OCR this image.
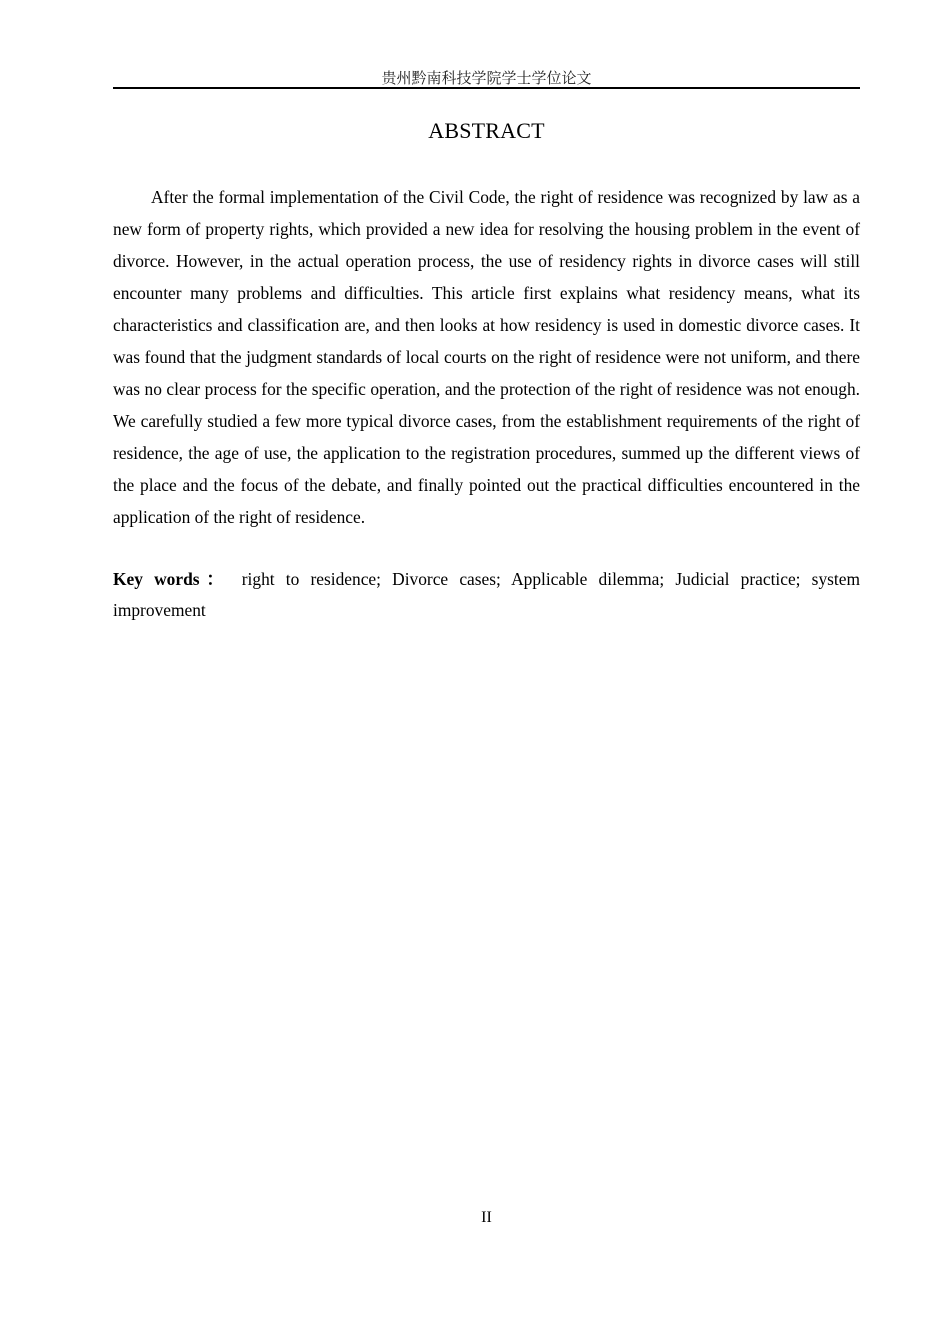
贵州黔南科技学院学士学位论文
ABSTRACT

After the formal implementation of the Civil Code, the right of residence was recognized by law as a new form of property rights, which provided a new idea for resolving the housing problem in the event of divorce. However, in the actual operation process, the use of residency rights in divorce cases will still encounter many problems and difficulties. This article first explains what residency means, what its characteristics and classification are, and then looks at how residency is used in domestic divorce cases. It was found that the judgment standards of local courts on the right of residence were not uniform, and there was no clear process for the specific operation, and the protection of the right of residence was not enough. We carefully studied a few more typical divorce cases, from the establishment requirements of the right of residence, the age of use, the application to the registration procedures, summed up the different views of the place and the focus of the debate, and finally pointed out the practical difficulties encountered in the application of the right of residence.

Key words： right to residence; Divorce cases; Applicable dilemma; Judicial practice; system improvement

II
